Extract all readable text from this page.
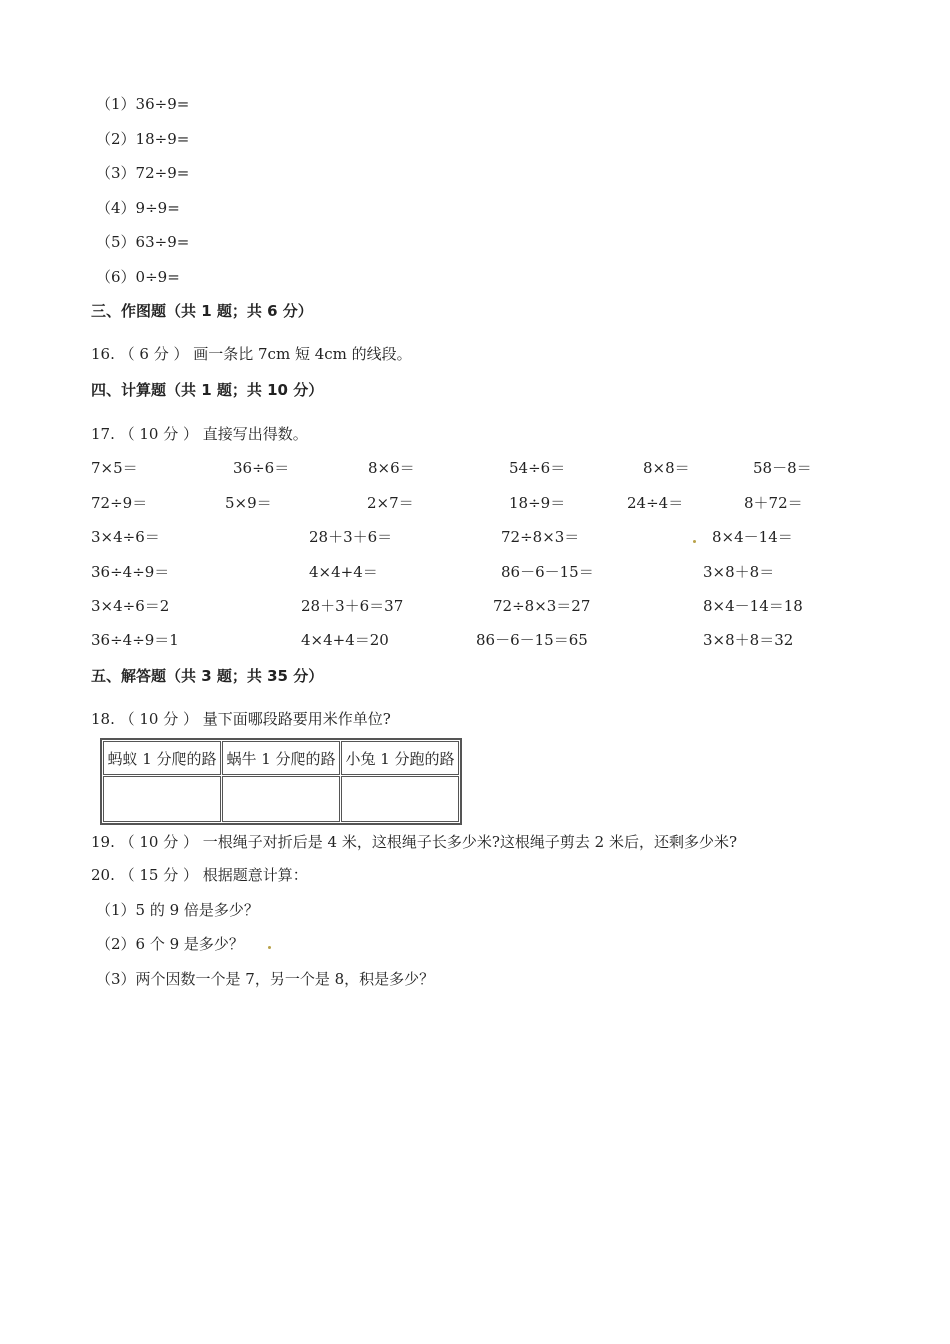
（1）36÷9=
（2）18÷9=
（3）72÷9=
（4）9÷9=
（5）63÷9=
（6）0÷9=
三、作图题（共 1 题；共 6 分）
16. （ 6 分 ） 画一条比 7cm 短 4cm 的线段。
四、计算题（共 1 题；共 10 分）
17. （ 10 分 ） 直接写出得数。
7×5＝	36÷6＝	8×6＝	54÷6＝	8×8＝	58－8＝
72÷9＝	5×9＝	2×7＝	18÷9＝	24÷4＝	8＋72＝
3×4÷6＝	28＋3＋6＝	72÷8×3＝	8×4－14＝
36÷4÷9＝	4×4+4＝	86－6－15＝	3×8＋8＝
3×4÷6＝2	28＋3＋6＝37	72÷8×3＝27	8×4－14＝18
36÷4÷9＝1	4×4+4＝20	86－6－15＝65	3×8＋8＝32
五、解答题（共 3 题；共 35 分）
18. （ 10 分 ） 量下面哪段路要用米作单位?
蚂蚁 1 分爬的路	蜗牛 1 分爬的路	小兔 1 分跑的路

19. （ 10 分 ） 一根绳子对折后是 4 米，这根绳子长多少米?这根绳子剪去 2 米后，还剩多少米?
20. （ 15 分 ） 根据题意计算：
（1）5 的 9 倍是多少？
（2）6 个 9 是多少？
（3）两个因数一个是 7，另一个是 8，积是多少？
